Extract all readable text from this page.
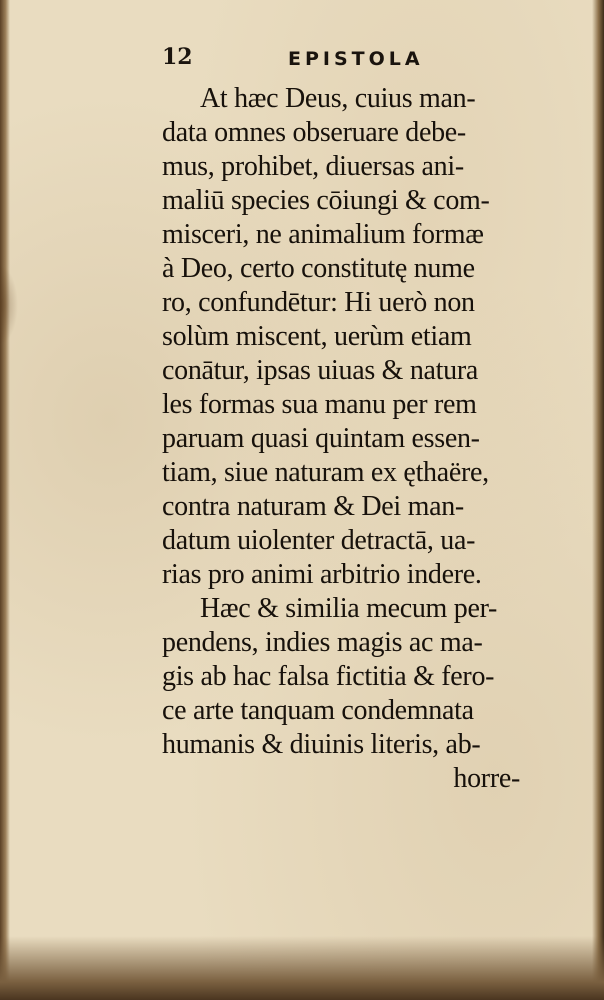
12	EPISTOLA
At hæc Deus, cuius man-
data omnes obseruare debe-
mus, prohibet, diuersas ani-
maliū species cōiungi & com-
misceri, ne animalium formæ
à Deo, certo constitutę nume
ro, confundētur: Hi uerò non
solùm miscent, uerùm etiam
conātur, ipsas uiuas & natura
les formas sua manu per rem
paruam quasi quintam essen-
tiam, siue naturam ex ęthaëre,
contra naturam & Dei man-
datum uiolenter detractā, ua-
rias pro animi arbitrio indere.
Hæc & similia mecum per-
pendens, indies magis ac ma-
gis ab hac falsa fictitia & fero-
ce arte tanquam condemnata
humanis & diuinis literis, ab-
horre-
